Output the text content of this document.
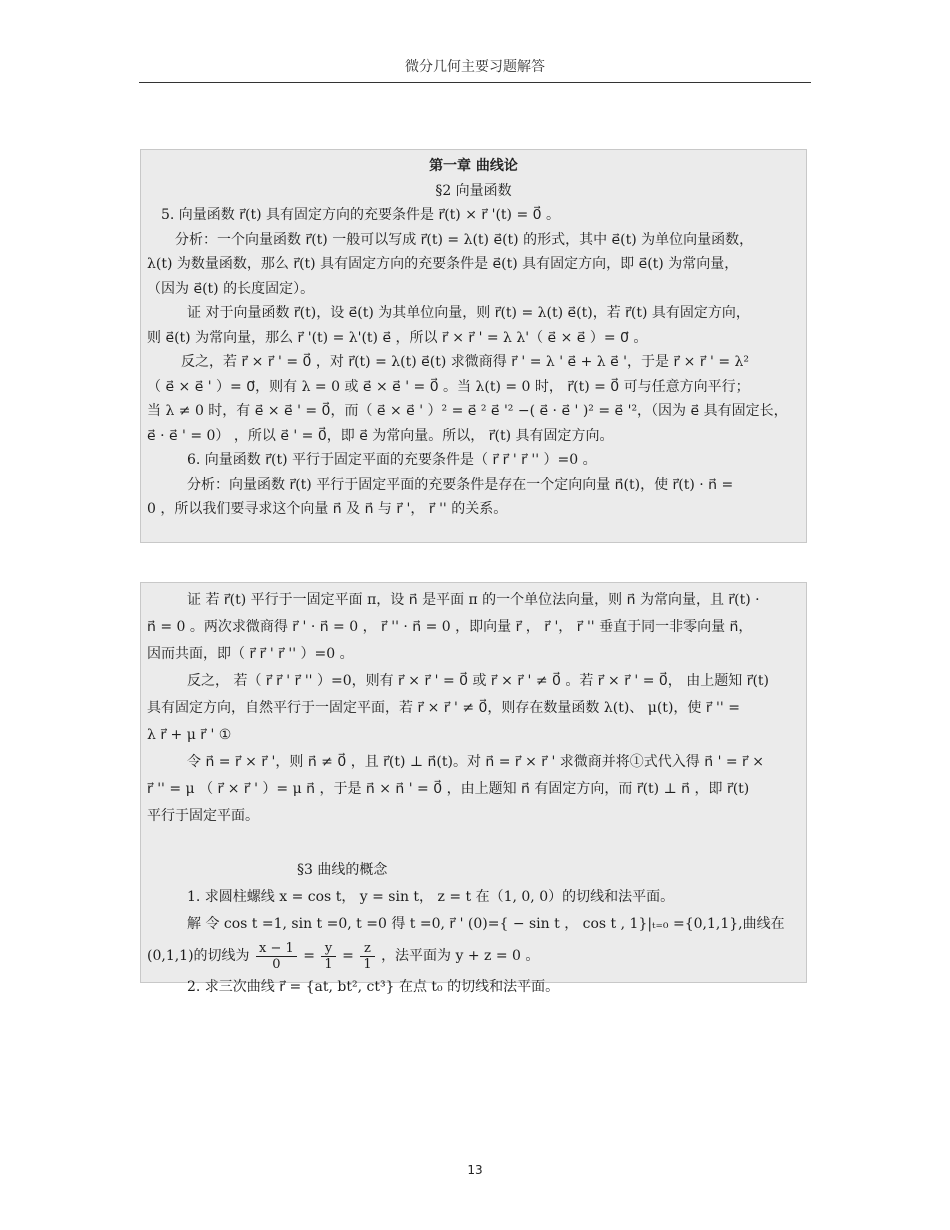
微分几何主要习题解答
第一章 曲线论
§2 向量函数
5. 向量函数 r⃗(t) 具有固定方向的充要条件是 r⃗(t) × r⃗ '(t) = 0⃗ 。
分析：一个向量函数 r⃗(t) 一般可以写成 r⃗(t) = λ(t) e⃗(t) 的形式，其中 e⃗(t) 为单位向量函数，
λ(t) 为数量函数，那么 r⃗(t) 具有固定方向的充要条件是 e⃗(t) 具有固定方向，即 e⃗(t) 为常向量，
（因为 e⃗(t) 的长度固定）。
证 对于向量函数 r⃗(t)，设 e⃗(t) 为其单位向量，则 r⃗(t) = λ(t) e⃗(t)，若 r⃗(t) 具有固定方向，
则 e⃗(t) 为常向量，那么 r⃗ '(t) = λ'(t) e⃗ ，所以 r⃗ × r⃗ ' = λ λ'（ e⃗ × e⃗ ）= 0⃗ 。
反之，若 r⃗ × r⃗ ' = 0⃗ ，对 r⃗(t) = λ(t) e⃗(t) 求微商得 r⃗ ' = λ ' e⃗ + λ e⃗ '，于是 r⃗ × r⃗ ' = λ²
（ e⃗ × e⃗ ' ）= 0⃗，则有 λ = 0 或 e⃗ × e⃗ ' = 0⃗ 。当 λ(t) = 0 时， r⃗(t) = 0⃗ 可与任意方向平行；
当 λ ≠ 0 时，有 e⃗ × e⃗ ' = 0⃗，而（ e⃗ × e⃗ ' ）² = e⃗ ² e⃗ '² −( e⃗ · e⃗ ' )² = e⃗ '²，（因为 e⃗ 具有固定长，
e⃗ · e⃗ ' = 0） ，所以 e⃗ ' = 0⃗，即 e⃗ 为常向量。所以， r⃗(t) 具有固定方向。
6. 向量函数 r⃗(t) 平行于固定平面的充要条件是（ r⃗ r⃗ ' r⃗ '' ）=0 。
分析：向量函数 r⃗(t) 平行于固定平面的充要条件是存在一个定向向量 n⃗(t)，使 r⃗(t) · n⃗ =
0 ，所以我们要寻求这个向量 n⃗ 及 n⃗ 与 r⃗ '， r⃗ '' 的关系。
证 若 r⃗(t) 平行于一固定平面 π，设 n⃗ 是平面 π 的一个单位法向量，则 n⃗ 为常向量，且 r⃗(t) ·
n⃗ = 0 。两次求微商得 r⃗ ' · n⃗ = 0 ， r⃗ '' · n⃗ = 0 ，即向量 r⃗ ， r⃗ '， r⃗ '' 垂直于同一非零向量 n⃗，
因而共面，即（ r⃗ r⃗ ' r⃗ '' ）=0 。
反之， 若（ r⃗ r⃗ ' r⃗ '' ）=0，则有 r⃗ × r⃗ ' = 0⃗ 或 r⃗ × r⃗ ' ≠ 0⃗ 。若 r⃗ × r⃗ ' = 0⃗， 由上题知 r⃗(t)
具有固定方向，自然平行于一固定平面，若 r⃗ × r⃗ ' ≠ 0⃗，则存在数量函数 λ(t)、 μ(t)，使 r⃗ '' =
λ r⃗ + μ r⃗ ' ①
令 n⃗ = r⃗ × r⃗ '，则 n⃗ ≠ 0⃗ ，且 r⃗(t) ⊥ n⃗(t)。对 n⃗ = r⃗ × r⃗ ' 求微商并将①式代入得 n⃗ ' = r⃗ ×
r⃗ '' = μ （ r⃗ × r⃗ ' ）= μ n⃗ ，于是 n⃗ × n⃗ ' = 0⃗ ，由上题知 n⃗ 有固定方向，而 r⃗(t) ⊥ n⃗ ，即 r⃗(t)
平行于固定平面。
§3 曲线的概念
1. 求圆柱螺线 x = cos t， y = sin t， z = t 在（1, 0, 0）的切线和法平面。
解 令 cos t =1, sin t =0, t =0 得 t =0, r⃗ ' (0)={ − sin t ， cos t , 1}|ₜ₌₀ ={0,1,1},曲线在
(0,1,1)的切线为 $\frac{x - 1}{0} = \frac{y}{1} = \frac{z}{1}$ ，法平面为 y + z = 0 。
2. 求三次曲线 r⃗ = {at, bt², ct³} 在点 t₀ 的切线和法平面。
13
